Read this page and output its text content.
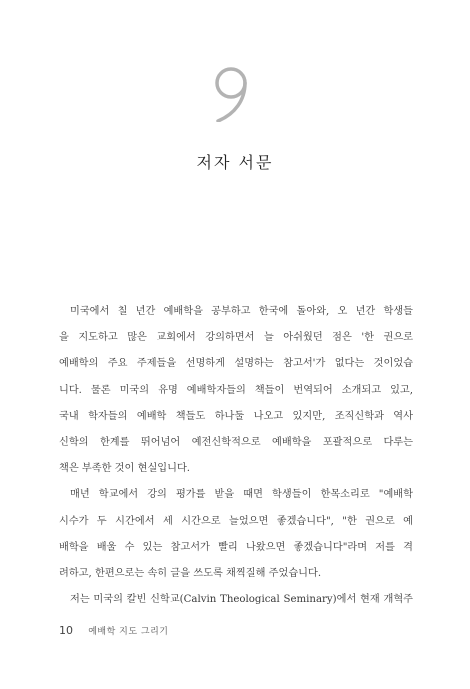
저자 서문
미국에서 칠 년간 예배학을 공부하고 한국에 돌아와, 오 년간 학생들
을 지도하고 많은 교회에서 강의하면서 늘 아쉬웠던 점은 '한 권으로
예배학의 주요 주제들을 선명하게 설명하는 참고서'가 없다는 것이었습
니다. 물론 미국의 유명 예배학자들의 책들이 번역되어 소개되고 있고,
국내 학자들의 예배학 책들도 하나둘 나오고 있지만, 조직신학과 역사
신학의 한계를 뛰어넘어 예전신학적으로 예배학을 포괄적으로 다루는
책은 부족한 것이 현실입니다.
매년 학교에서 강의 평가를 받을 때면 학생들이 한목소리로 "예배학
시수가 두 시간에서 세 시간으로 늘었으면 좋겠습니다", "한 권으로 예
배학을 배울 수 있는 참고서가 빨리 나왔으면 좋겠습니다"라며 저를 격
려하고, 한편으로는 속히 글을 쓰도록 채찍질해 주었습니다.
저는 미국의 칼빈 신학교(Calvin Theological Seminary)에서 현재 개혁주
10 예배학 지도 그리기
